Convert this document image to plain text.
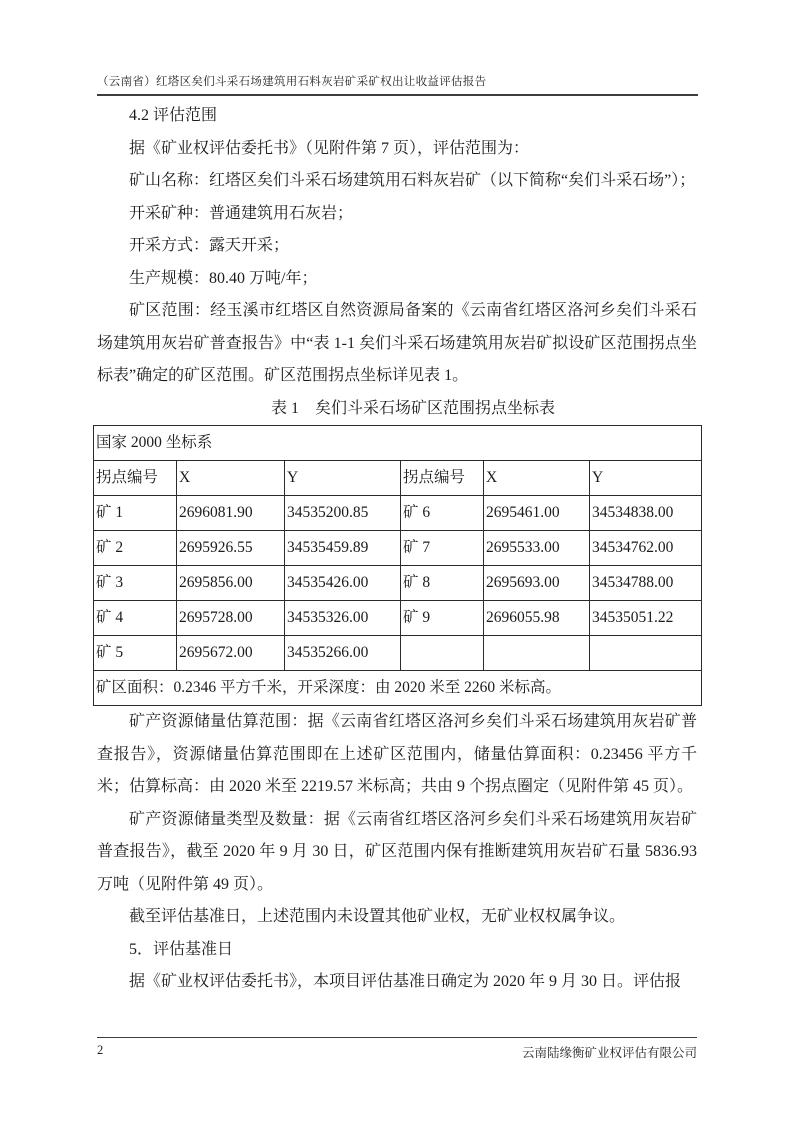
（云南省）红塔区矣们斗采石场建筑用石料灰岩矿采矿权出让收益评估报告
4.2 评估范围

据《矿业权评估委托书》（见附件第 7 页），评估范围为：

矿山名称：红塔区矣们斗采石场建筑用石料灰岩矿（以下简称“矣们斗采石场”）；

开采矿种：普通建筑用石灰岩；

开采方式：露天开采；

生产规模：80.40 万吨/年；

矿区范围：经玉溪市红塔区自然资源局备案的《云南省红塔区洛河乡矣们斗采石场建筑用灰岩矿普查报告》中“表 1-1 矣们斗采石场建筑用灰岩矿拟设矿区范围拐点坐标表”确定的矿区范围。矿区范围拐点坐标详见表 1。

表 1　矣们斗采石场矿区范围拐点坐标表

国家 2000 坐标系					
拐点编号	X	Y	拐点编号	X	Y
矿 1	2696081.90	34535200.85	矿 6	2695461.00	34534838.00
矿 2	2695926.55	34535459.89	矿 7	2695533.00	34534762.00
矿 3	2695856.00	34535426.00	矿 8	2695693.00	34534788.00
矿 4	2695728.00	34535326.00	矿 9	2696055.98	34535051.22
矿 5	2695672.00	34535266.00			
矿区面积：0.2346 平方千米，开采深度：由 2020 米至 2260 米标高。					

矿产资源储量估算范围：据《云南省红塔区洛河乡矣们斗采石场建筑用灰岩矿普查报告》，资源储量估算范围即在上述矿区范围内，储量估算面积：0.23456 平方千米；估算标高：由 2020 米至 2219.57 米标高；共由 9 个拐点圈定（见附件第 45 页）。

矿产资源储量类型及数量：据《云南省红塔区洛河乡矣们斗采石场建筑用灰岩矿普查报告》，截至 2020 年 9 月 30 日，矿区范围内保有推断建筑用灰岩矿石量 5836.93 万吨（见附件第 49 页）。

截至评估基准日，上述范围内未设置其他矿业权，无矿业权权属争议。

5．评估基准日

据《矿业权评估委托书》，本项目评估基准日确定为 2020 年 9 月 30 日。评估报

2	云南陆缘衡矿业权评估有限公司
